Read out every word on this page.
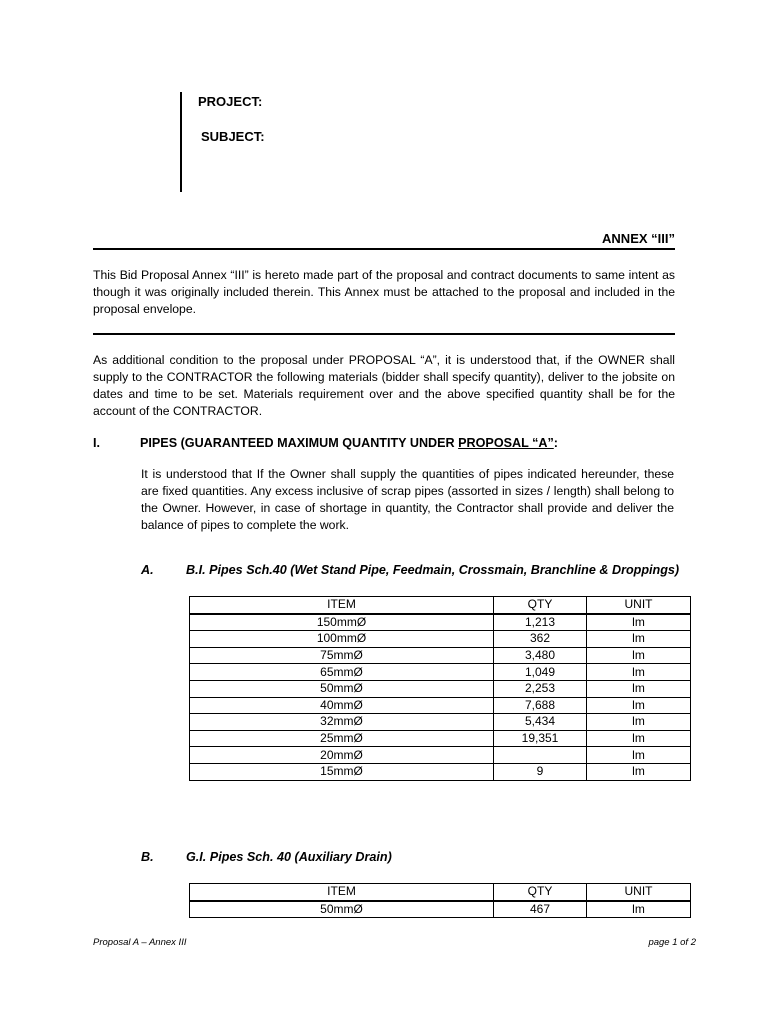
PROJECT:
SUBJECT:
ANNEX “III”
This Bid Proposal Annex “III” is hereto made part of the proposal and contract documents to same intent as though it was originally included therein. This Annex must be attached to the proposal and included in the proposal envelope.
As additional condition to the proposal under PROPOSAL “A”, it is understood that, if the OWNER shall supply to the CONTRACTOR the following materials (bidder shall specify quantity), deliver to the jobsite on dates and time to be set. Materials requirement over and the above specified quantity shall be for the account of the CONTRACTOR.
I.	PIPES (GUARANTEED MAXIMUM QUANTITY UNDER PROPOSAL “A”:
It is understood that If the Owner shall supply the quantities of pipes indicated hereunder, these are fixed quantities. Any excess inclusive of scrap pipes (assorted in sizes / length) shall belong to the Owner. However, in case of shortage in quantity, the Contractor shall provide and deliver the balance of pipes to complete the work.
A.	B.I. Pipes Sch.40 (Wet Stand Pipe, Feedmain, Crossmain, Branchline & Droppings)
ITEM	QTY	UNIT
150mmØ	1,213	lm
100mmØ	362	lm
75mmØ	3,480	lm
65mmØ	1,049	lm
50mmØ	2,253	lm
40mmØ	7,688	lm
32mmØ	5,434	lm
25mmØ	19,351	lm
20mmØ		lm
15mmØ	9	lm
B.	G.I. Pipes Sch. 40 (Auxiliary Drain)
ITEM	QTY	UNIT
50mmØ	467	lm
Proposal A – Annex III	page 1 of 2
